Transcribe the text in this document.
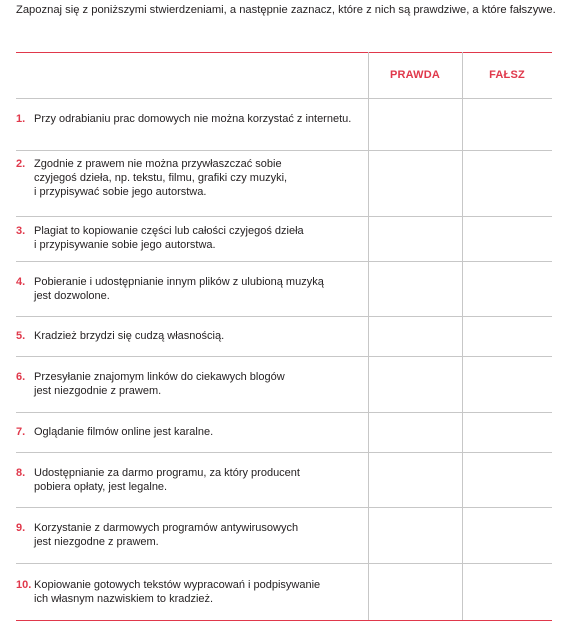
Zapoznaj się z poniższymi stwierdzeniami, a następnie zaznacz, które z nich są prawdziwe, a które fałszywe.
PRAWDA	FAŁSZ
1. Przy odrabianiu prac domowych nie można korzystać z internetu.
2. Zgodnie z prawem nie można przywłaszczać sobie
czyjegoś dzieła, np. tekstu, filmu, grafiki czy muzyki,
i przypisywać sobie jego autorstwa.
3. Plagiat to kopiowanie części lub całości czyjegoś dzieła
i przypisywanie sobie jego autorstwa.
4. Pobieranie i udostępnianie innym plików z ulubioną muzyką
jest dozwolone.
5. Kradzież brzydzi się cudzą własnością.
6. Przesyłanie znajomym linków do ciekawych blogów
jest niezgodnie z prawem.
7. Oglądanie filmów online jest karalne.
8. Udostępnianie za darmo programu, za który producent
pobiera opłaty, jest legalne.
9. Korzystanie z darmowych programów antywirusowych
jest niezgodne z prawem.
10. Kopiowanie gotowych tekstów wypracowań i podpisywanie
ich własnym nazwiskiem to kradzież.
